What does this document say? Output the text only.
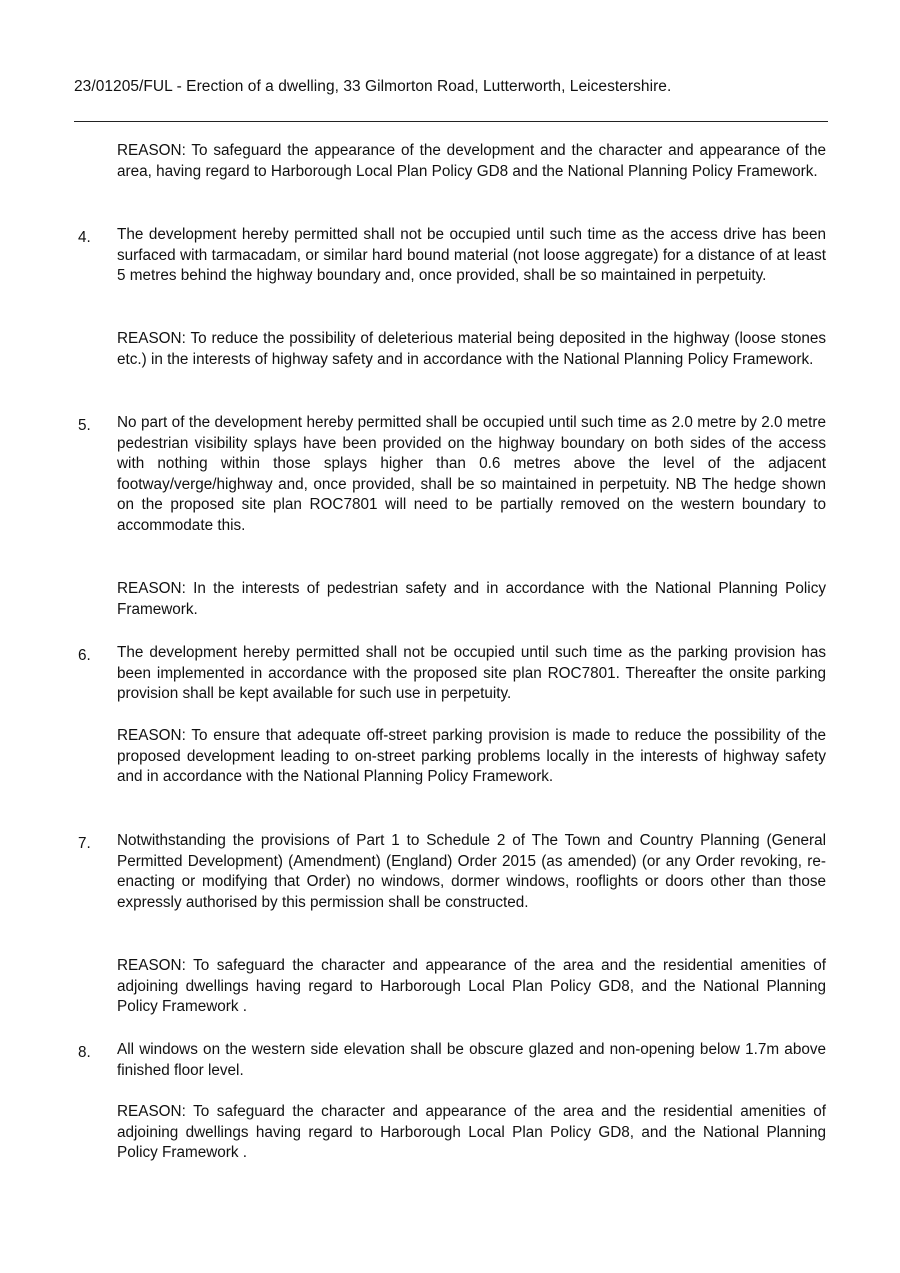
23/01205/FUL - Erection of a dwelling, 33 Gilmorton Road, Lutterworth, Leicestershire.
REASON: To safeguard the appearance of the development and the character and appearance of the area, having regard to Harborough Local Plan Policy GD8 and the National Planning Policy Framework.
4. The development hereby permitted shall not be occupied until such time as the access drive has been surfaced with tarmacadam, or similar hard bound material (not loose aggregate) for a distance of at least 5 metres behind the highway boundary and, once provided, shall be so maintained in perpetuity.
REASON: To reduce the possibility of deleterious material being deposited in the highway (loose stones etc.) in the interests of highway safety and in accordance with the National Planning Policy Framework.
5. No part of the development hereby permitted shall be occupied until such time as 2.0 metre by 2.0 metre pedestrian visibility splays have been provided on the highway boundary on both sides of the access with nothing within those splays higher than 0.6 metres above the level of the adjacent footway/verge/highway and, once provided, shall be so maintained in perpetuity. NB The hedge shown on the proposed site plan ROC7801 will need to be partially removed on the western boundary to accommodate this.
REASON: In the interests of pedestrian safety and in accordance with the National Planning Policy Framework.
6. The development hereby permitted shall not be occupied until such time as the parking provision has been implemented in accordance with the proposed site plan ROC7801. Thereafter the onsite parking provision shall be kept available for such use in perpetuity.
REASON: To ensure that adequate off-street parking provision is made to reduce the possibility of the proposed development leading to on-street parking problems locally in the interests of highway safety and in accordance with the National Planning Policy Framework.
7. Notwithstanding the provisions of Part 1 to Schedule 2 of The Town and Country Planning (General Permitted Development) (Amendment) (England) Order 2015 (as amended) (or any Order revoking, re-enacting or modifying that Order) no windows, dormer windows, rooflights or doors other than those expressly authorised by this permission shall be constructed.
REASON: To safeguard the character and appearance of the area and the residential amenities of adjoining dwellings having regard to Harborough Local Plan Policy GD8, and the National Planning Policy Framework .
8. All windows on the western side elevation shall be obscure glazed and non-opening below 1.7m above finished floor level.
REASON: To safeguard the character and appearance of the area and the residential amenities of adjoining dwellings having regard to Harborough Local Plan Policy GD8, and the National Planning Policy Framework .
